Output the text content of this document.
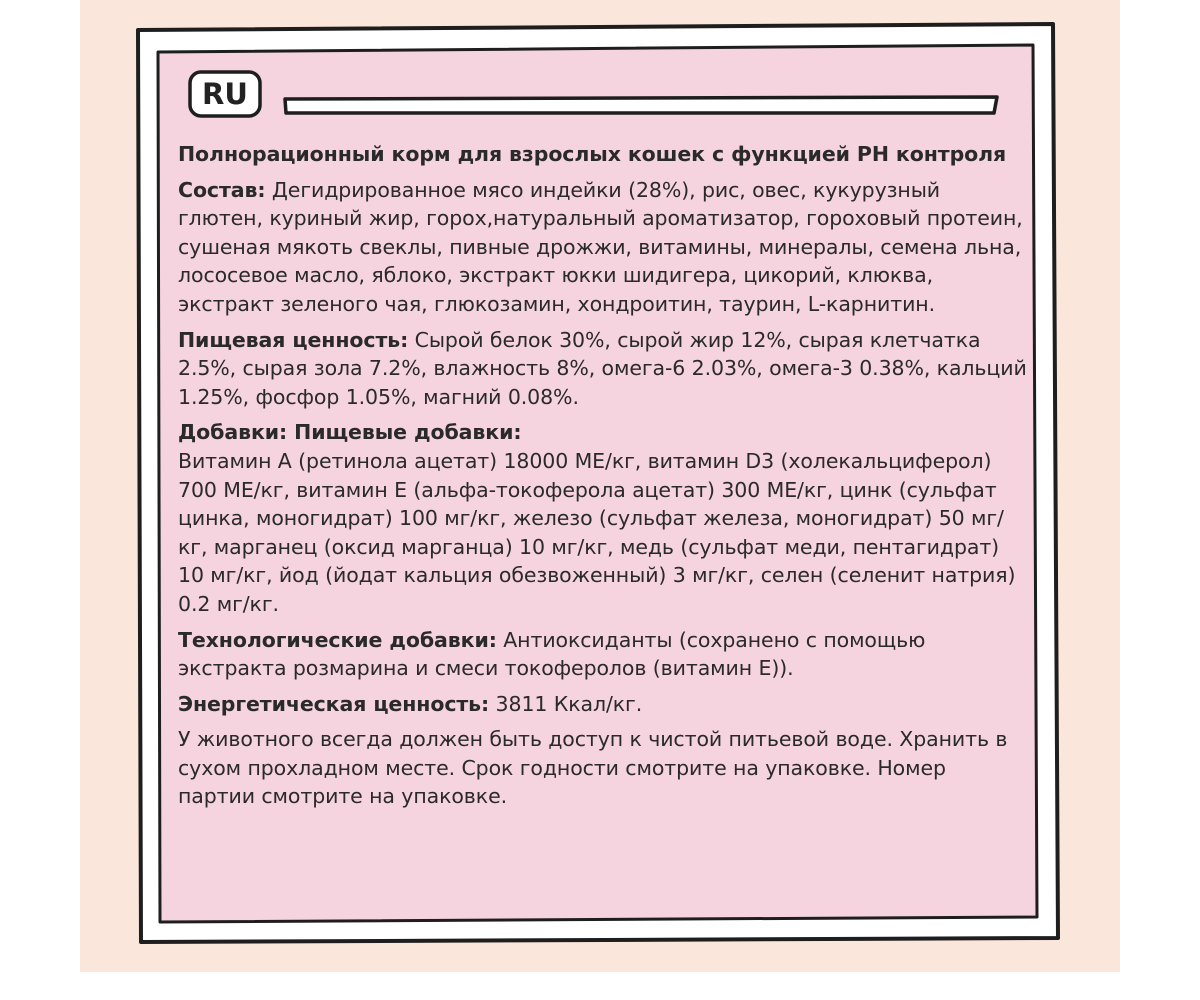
RU

Полнорационный корм для взрослых кошек с функцией PH контроля

Состав: Дегидрированное мясо индейки (28%), рис, овес, кукурузный глютен, куриный жир, горох,натуральный ароматизатор, гороховый протеин, сушеная мякоть свеклы, пивные дрожжи, витамины, минералы, семена льна, лососевое масло, яблоко, экстракт юкки шидигера, цикорий, клюква, экстракт зеленого чая, глюкозамин, хондроитин, таурин, L-карнитин.

Пищевая ценность: Сырой белок 30%, сырой жир 12%, сырая клетчатка 2.5%, сырая зола 7.2%, влажность 8%, омега-6 2.03%, омега-3 0.38%, кальций 1.25%, фосфор 1.05%, магний 0.08%.

Добавки: Пищевые добавки:
Витамин А (ретинола ацетат) 18000 МЕ/кг, витамин D3 (холекальциферол) 700 МЕ/кг, витамин Е (альфа-токоферола ацетат) 300 МЕ/кг, цинк (сульфат цинка, моногидрат) 100 мг/кг, железо (сульфат железа, моногидрат) 50 мг/кг, марганец (оксид марганца) 10 мг/кг, медь (сульфат меди, пентагидрат) 10 мг/кг, йод (йодат кальция обезвоженный) 3 мг/кг, селен (селенит натрия) 0.2 мг/кг.

Технологические добавки: Антиоксиданты (сохранено с помощью экстракта розмарина и смеси токоферолов (витамин Е)).

Энергетическая ценность: 3811 Ккал/кг.

У животного всегда должен быть доступ к чистой питьевой воде. Хранить в сухом прохладном месте. Срок годности смотрите на упаковке. Номер партии смотрите на упаковке.
